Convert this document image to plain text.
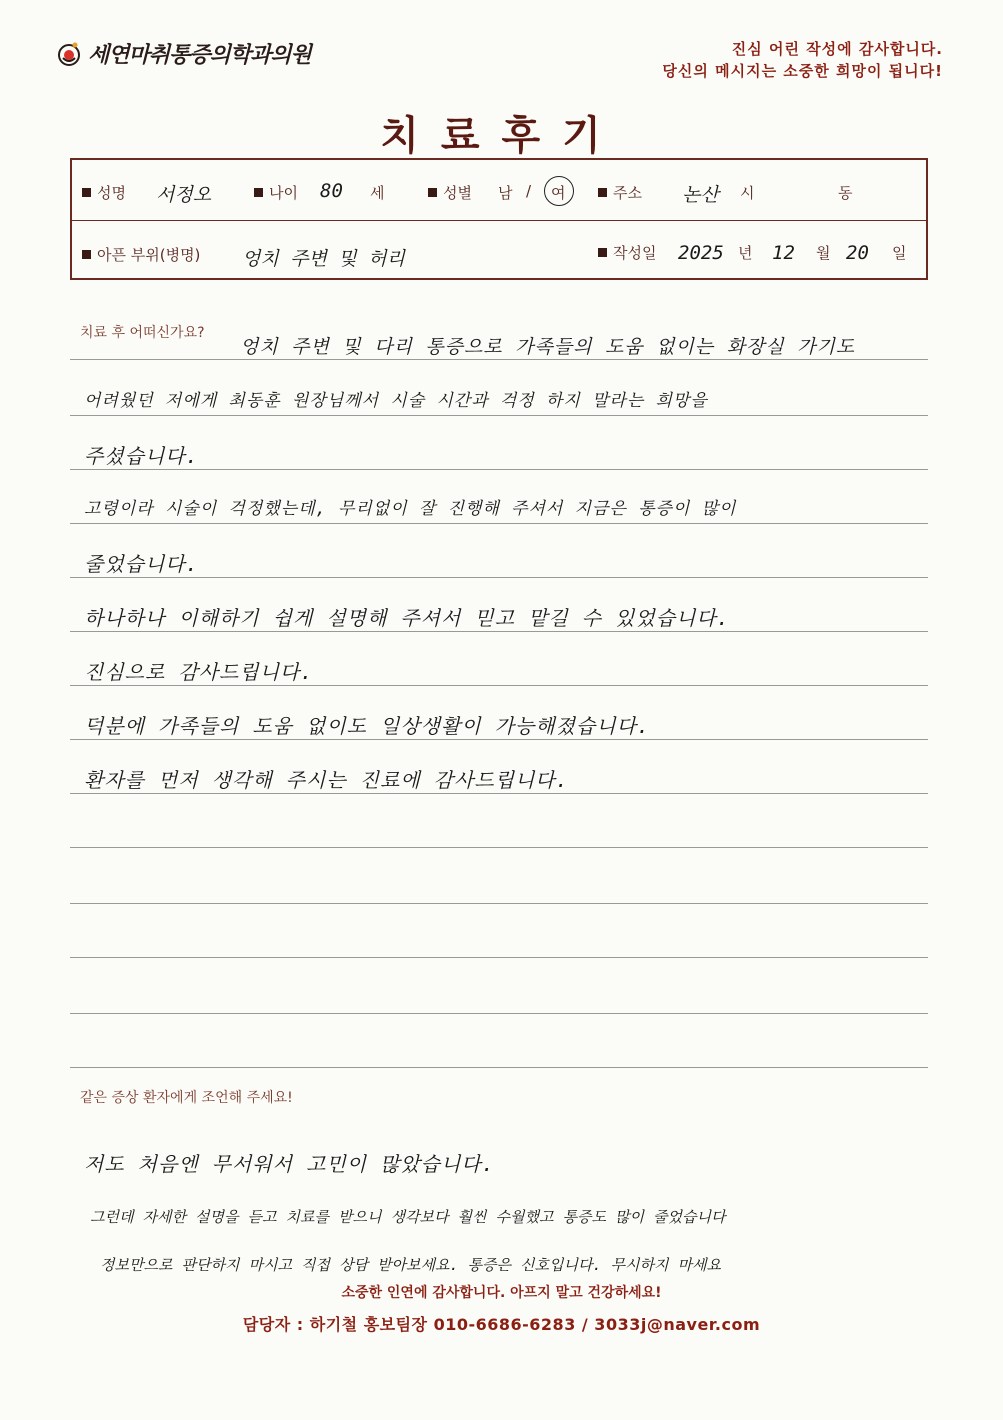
세연마취통증의학과의원	진심 어린 작성에 감사합니다.
당신의 메시지는 소중한 희망이 됩니다!
치료후기
성명 서정오	나이 80 세	성별 남 / 여	주소 논산 시	동
아픈 부위(병명) 엉치 주변 및 허리	작성일 2025 년 12 월 20 일
치료 후 어떠신가요?
엉치 주변 및 다리 통증으로 가족들의 도움 없이는 화장실 가기도
어려웠던 저에게 최동훈 원장님께서 시술 시간과 걱정 하지 말라는 희망을
주셨습니다.
고령이라 시술이 걱정했는데, 무리없이 잘 진행해 주셔서 지금은 통증이 많이
줄었습니다.
하나하나 이해하기 쉽게 설명해 주셔서 믿고 맡길 수 있었습니다.
진심으로 감사드립니다.
덕분에 가족들의 도움 없이도 일상생활이 가능해졌습니다.
환자를 먼저 생각해 주시는 진료에 감사드립니다.
같은 증상 환자에게 조언해 주세요!
저도 처음엔 무서워서 고민이 많았습니다.
그런데 자세한 설명을 듣고 치료를 받으니 생각보다 훨씬 수월했고 통증도 많이 줄었습니다
정보만으로 판단하지 마시고 직접 상담 받아보세요. 통증은 신호입니다. 무시하지 마세요
소중한 인연에 감사합니다. 아프지 말고 건강하세요!
담당자 : 하기철 홍보팀장 010-6686-6283 / 3033j@naver.com
